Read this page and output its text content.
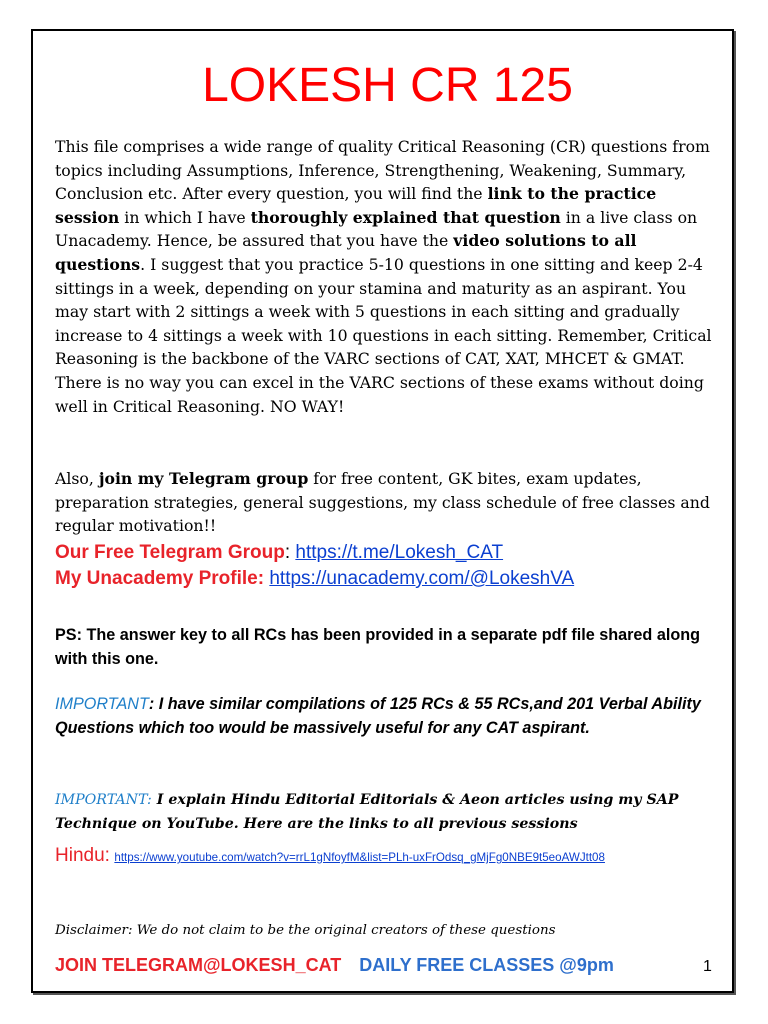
LOKESH CR 125

This file comprises a wide range of quality Critical Reasoning (CR) questions from topics including Assumptions, Inference, Strengthening, Weakening, Summary, Conclusion etc. After every question, you will find the link to the practice session in which I have thoroughly explained that question in a live class on Unacademy. Hence, be assured that you have the video solutions to all questions. I suggest that you practice 5-10 questions in one sitting and keep 2-4 sittings in a week, depending on your stamina and maturity as an aspirant. You may start with 2 sittings a week with 5 questions in each sitting and gradually increase to 4 sittings a week with 10 questions in each sitting. Remember, Critical Reasoning is the backbone of the VARC sections of CAT, XAT, MHCET & GMAT. There is no way you can excel in the VARC sections of these exams without doing well in Critical Reasoning. NO WAY!

Also, join my Telegram group for free content, GK bites, exam updates, preparation strategies, general suggestions, my class schedule of free classes and regular motivation!!

Our Free Telegram Group: https://t.me/Lokesh_CAT
My Unacademy Profile: https://unacademy.com/@LokeshVA

PS: The answer key to all RCs has been provided in a separate pdf file shared along with this one.

IMPORTANT: I have similar compilations of 125 RCs & 55 RCs,and 201 Verbal Ability Questions which too would be massively useful for any CAT aspirant.

IMPORTANT: I explain Hindu Editorial Editorials & Aeon articles using my SAP Technique on YouTube. Here are the links to all previous sessions

Hindu: https://www.youtube.com/watch?v=rrL1gNfoyfM&list=PLh-uxFrOdsq_gMjFg0NBE9t5eoAWJtt08

Disclaimer: We do not claim to be the original creators of these questions

JOIN TELEGRAM@LOKESH_CAT DAILY FREE CLASSES @9pm	1
